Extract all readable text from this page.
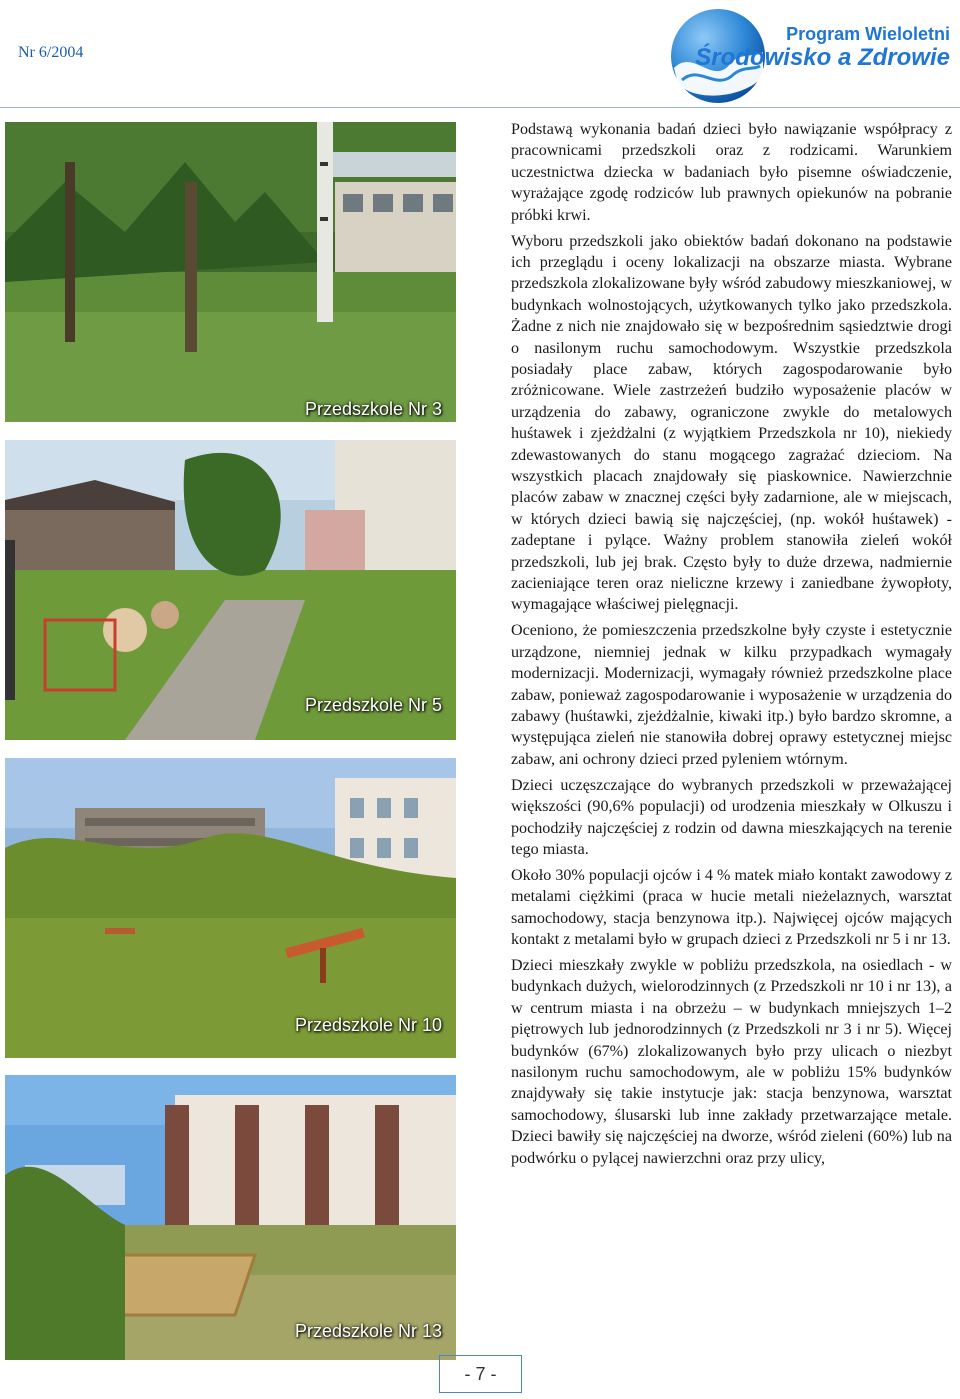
Nr 6/2004
Program Wieloletni
Środowisko a Zdrowie
Przedszkole Nr 3
Przedszkole Nr 5
Przedszkole Nr 10
Przedszkole Nr 13

Podstawą wykonania badań dzieci było nawiązanie współpracy z pracownicami przedszkoli oraz z rodzicami. Warunkiem uczestnictwa dziecka w badaniach było pisemne oświadczenie, wyrażające zgodę rodziców lub prawnych opiekunów na pobranie próbki krwi.

Wyboru przedszkoli jako obiektów badań dokonano na podstawie ich przeglądu i oceny lokalizacji na obszarze miasta. Wybrane przedszkola zlokalizowane były wśród zabudowy mieszkaniowej, w budynkach wolnostojących, użytkowanych tylko jako przedszkola. Żadne z nich nie znajdowało się w bezpośrednim sąsiedztwie drogi o nasilonym ruchu samochodowym. Wszystkie przedszkola posiadały place zabaw, których zagospodarowanie było zróżnicowane. Wiele zastrzeżeń budziło wyposażenie placów w urządzenia do zabawy, ograniczone zwykle do metalowych huśtawek i zjeżdżalni (z wyjątkiem Przedszkola nr 10), niekiedy zdewastowanych do stanu mogącego zagrażać dzieciom. Na wszystkich placach znajdowały się piaskownice. Nawierzchnie placów zabaw w znacznej części były zadarnione, ale w miejscach, w których dzieci bawią się najczęściej, (np. wokół huśtawek) - zadeptane i pylące. Ważny problem stanowiła zieleń wokół przedszkoli, lub jej brak. Często były to duże drzewa, nadmiernie zacieniające teren oraz nieliczne krzewy i zaniedbane żywopłoty, wymagające właściwej pielęgnacji.

Oceniono, że pomieszczenia przedszkolne były czyste i estetycznie urządzone, niemniej jednak w kilku przypadkach wymagały modernizacji. Modernizacji, wymagały również przedszkolne place zabaw, ponieważ zagospodarowanie i wyposażenie w urządzenia do zabawy (huśtawki, zjeżdżalnie, kiwaki itp.) było bardzo skromne, a występująca zieleń nie stanowiła dobrej oprawy estetycznej miejsc zabaw, ani ochrony dzieci przed pyleniem wtórnym.

Dzieci uczęszczające do wybranych przedszkoli w przeważającej większości (90,6% populacji) od urodzenia mieszkały w Olkuszu i pochodziły najczęściej z rodzin od dawna mieszkających na terenie tego miasta.

Około 30% populacji ojców i 4 % matek miało kontakt zawodowy z metalami ciężkimi (praca w hucie metali nieżelaznych, warsztat samochodowy, stacja benzynowa itp.). Najwięcej ojców mających kontakt z metalami było w grupach dzieci z Przedszkoli nr 5 i nr 13.

Dzieci mieszkały zwykle w pobliżu przedszkola, na osiedlach - w budynkach dużych, wielorodzinnych (z Przedszkoli nr 10 i nr 13), a w centrum miasta i na obrzeżu – w budynkach mniejszych 1–2 piętrowych lub jednorodzinnych (z Przedszkoli nr 3 i nr 5). Więcej budynków (67%) zlokalizowanych było przy ulicach o niezbyt nasilonym ruchu samochodowym, ale w pobliżu 15% budynków znajdywały się takie instytucje jak: stacja benzynowa, warsztat samochodowy, ślusarski lub inne zakłady przetwarzające metale. Dzieci bawiły się najczęściej na dworze, wśród zieleni (60%) lub na podwórku o pylącej nawierzchni oraz przy ulicy,

- 7 -
